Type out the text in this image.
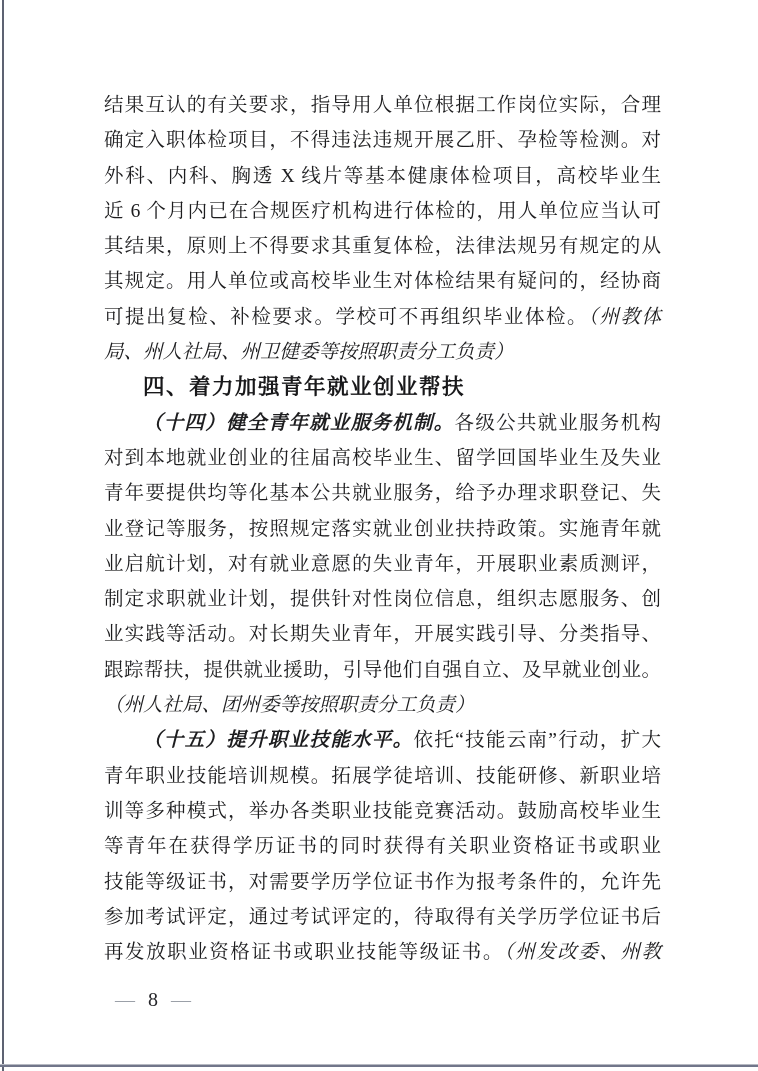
结果互认的有关要求，指导用人单位根据工作岗位实际，合理
确定入职体检项目，不得违法违规开展乙肝、孕检等检测。对
外科、内科、胸透 X 线片等基本健康体检项目，高校毕业生
近 6 个月内已在合规医疗机构进行体检的，用人单位应当认可
其结果，原则上不得要求其重复体检，法律法规另有规定的从
其规定。用人单位或高校毕业生对体检结果有疑问的，经协商
可提出复检、补检要求。学校可不再组织毕业体检。（州教体
局、州人社局、州卫健委等按照职责分工负责）
四、着力加强青年就业创业帮扶
（十四）健全青年就业服务机制。各级公共就业服务机构
对到本地就业创业的往届高校毕业生、留学回国毕业生及失业
青年要提供均等化基本公共就业服务，给予办理求职登记、失
业登记等服务，按照规定落实就业创业扶持政策。实施青年就
业启航计划，对有就业意愿的失业青年，开展职业素质测评，
制定求职就业计划，提供针对性岗位信息，组织志愿服务、创
业实践等活动。对长期失业青年，开展实践引导、分类指导、
跟踪帮扶，提供就业援助，引导他们自强自立、及早就业创业。
（州人社局、团州委等按照职责分工负责）
（十五）提升职业技能水平。依托“技能云南”行动，扩大
青年职业技能培训规模。拓展学徒培训、技能研修、新职业培
训等多种模式，举办各类职业技能竞赛活动。鼓励高校毕业生
等青年在获得学历证书的同时获得有关职业资格证书或职业
技能等级证书，对需要学历学位证书作为报考条件的，允许先
参加考试评定，通过考试评定的，待取得有关学历学位证书后
再发放职业资格证书或职业技能等级证书。（州发改委、州教
— 8 —
